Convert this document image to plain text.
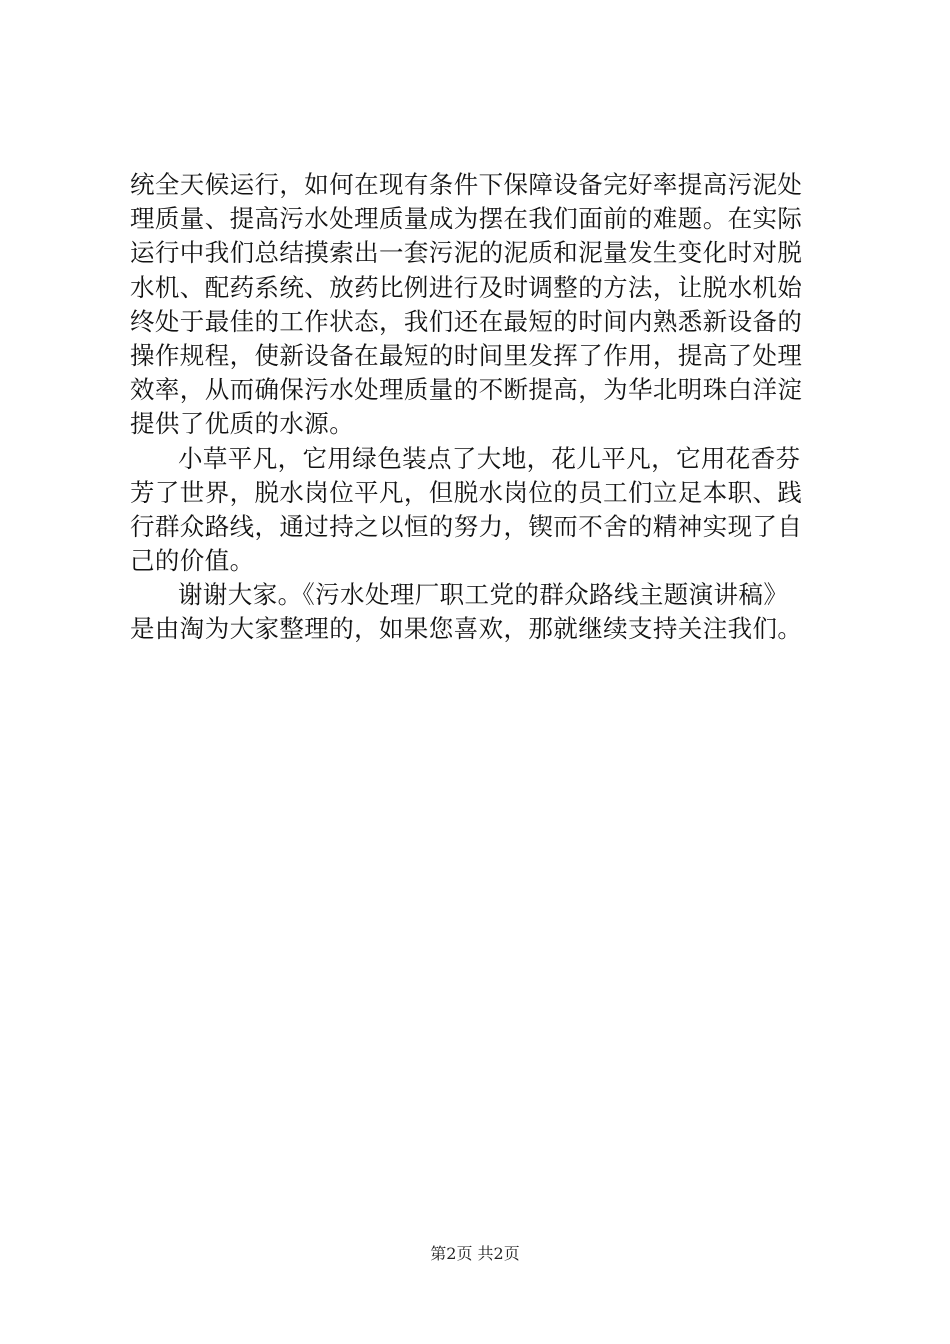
统全天候运行，如何在现有条件下保障设备完好率提高污泥处
理质量、提高污水处理质量成为摆在我们面前的难题。在实际
运行中我们总结摸索出一套污泥的泥质和泥量发生变化时对脱
水机、配药系统、放药比例进行及时调整的方法，让脱水机始
终处于最佳的工作状态，我们还在最短的时间内熟悉新设备的
操作规程，使新设备在最短的时间里发挥了作用，提高了处理
效率，从而确保污水处理质量的不断提高，为华北明珠白洋淀
提供了优质的水源。
小草平凡，它用绿色装点了大地，花儿平凡，它用花香芬
芳了世界，脱水岗位平凡，但脱水岗位的员工们立足本职、践
行群众路线，通过持之以恒的努力，锲而不舍的精神实现了自
己的价值。
谢谢大家。《污水处理厂职工党的群众路线主题演讲稿》
是由淘为大家整理的，如果您喜欢，那就继续支持关注我们。
第2页 共2页
